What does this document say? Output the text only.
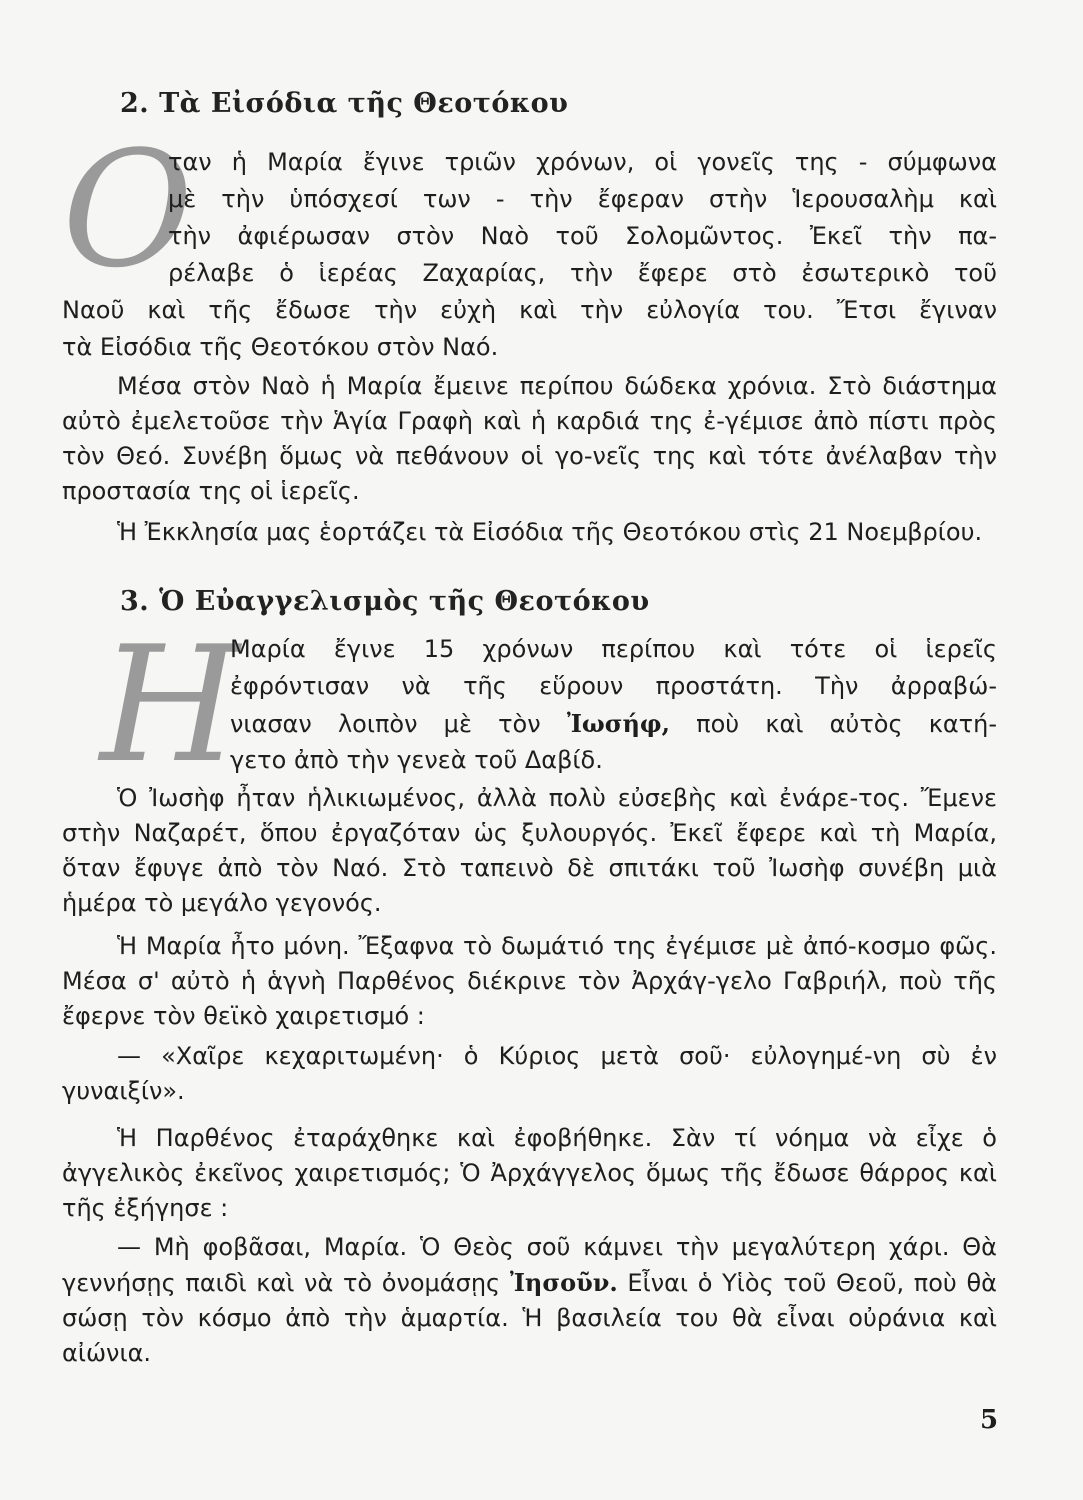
2. Τὰ Εἰσόδια τῆς Θεοτόκου
Ο
ταν ἡ Μαρία ἔγινε τριῶν χρόνων, οἱ γονεῖς της - σύμφωνα
μὲ τὴν ὑπόσχεσί των - τὴν ἔφεραν στὴν Ἱερουσαλὴμ καὶ
τὴν ἀφιέρωσαν στὸν Ναὸ τοῦ Σολομῶντος. Ἐκεῖ τὴν πα-
ρέλαβε ὁ ἱερέας Ζαχαρίας, τὴν ἔφερε στὸ ἐσωτερικὸ τοῦ
Ναοῦ καὶ τῆς ἔδωσε τὴν εὐχὴ καὶ τὴν εὐλογία του. Ἔτσι ἔγιναν
τὰ Εἰσόδια τῆς Θεοτόκου στὸν Ναό.

Μέσα στὸν Ναὸ ἡ Μαρία ἔμεινε περίπου δώδεκα χρόνια. Στὸ διάστημα αὐτὸ ἐμελετοῦσε τὴν Ἁγία Γραφὴ καὶ ἡ καρδιά της ἐ-γέμισε ἀπὸ πίστι πρὸς τὸν Θεό. Συνέβη ὅμως νὰ πεθάνουν οἱ γο-νεῖς της καὶ τότε ἀνέλαβαν τὴν προστασία της οἱ ἱερεῖς.

Ἡ Ἐκκλησία μας ἑορτάζει τὰ Εἰσόδια τῆς Θεοτόκου στὶς 21 Νοεμβρίου.

3. Ὁ Εὐαγγελισμὸς τῆς Θεοτόκου
Η
Μαρία ἔγινε 15 χρόνων περίπου καὶ τότε οἱ ἱερεῖς
ἐφρόντισαν νὰ τῆς εὕρουν προστάτη. Τὴν ἀρραβώ-
νιασαν λοιπὸν μὲ τὸν Ἰωσήφ, ποὺ καὶ αὐτὸς κατή-
γετο ἀπὸ τὴν γενεὰ τοῦ Δαβίδ.

Ὁ Ἰωσὴφ ἦταν ἡλικιωμένος, ἀλλὰ πολὺ εὐσεβὴς καὶ ἐνάρε-τος. Ἔμενε στὴν Ναζαρέτ, ὅπου ἐργαζόταν ὡς ξυλουργός. Ἐκεῖ ἔφερε καὶ τὴ Μαρία, ὅταν ἔφυγε ἀπὸ τὸν Ναό. Στὸ ταπεινὸ δὲ σπιτάκι τοῦ Ἰωσὴφ συνέβη μιὰ ἡμέρα τὸ μεγάλο γεγονός.

Ἡ Μαρία ἦτο μόνη. Ἔξαφνα τὸ δωμάτιό της ἐγέμισε μὲ ἀπό-κοσμο φῶς. Μέσα σ' αὐτὸ ἡ ἁγνὴ Παρθένος διέκρινε τὸν Ἀρχάγ-γελο Γαβριήλ, ποὺ τῆς ἔφερνε τὸν θεϊκὸ χαιρετισμό :

— «Χαῖρε κεχαριτωμένη· ὁ Κύριος μετὰ σοῦ· εὐλογημέ-νη σὺ ἐν γυναιξίν».

Ἡ Παρθένος ἐταράχθηκε καὶ ἐφοβήθηκε. Σὰν τί νόημα νὰ εἶχε ὁ ἀγγελικὸς ἐκεῖνος χαιρετισμός; Ὁ Ἀρχάγγελος ὅμως τῆς ἔδωσε θάρρος καὶ τῆς ἐξήγησε :

— Μὴ φοβᾶσαι, Μαρία. Ὁ Θεὸς σοῦ κάμνει τὴν μεγαλύτερη χάρι. Θὰ γεννήσῃς παιδὶ καὶ νὰ τὸ ὀνομάσῃς Ἰησοῦν. Εἶναι ὁ Υἱὸς τοῦ Θεοῦ, ποὺ θὰ σώσῃ τὸν κόσμο ἀπὸ τὴν ἁμαρτία. Ἡ βασιλεία του θὰ εἶναι οὐράνια καὶ αἰώνια.

5
